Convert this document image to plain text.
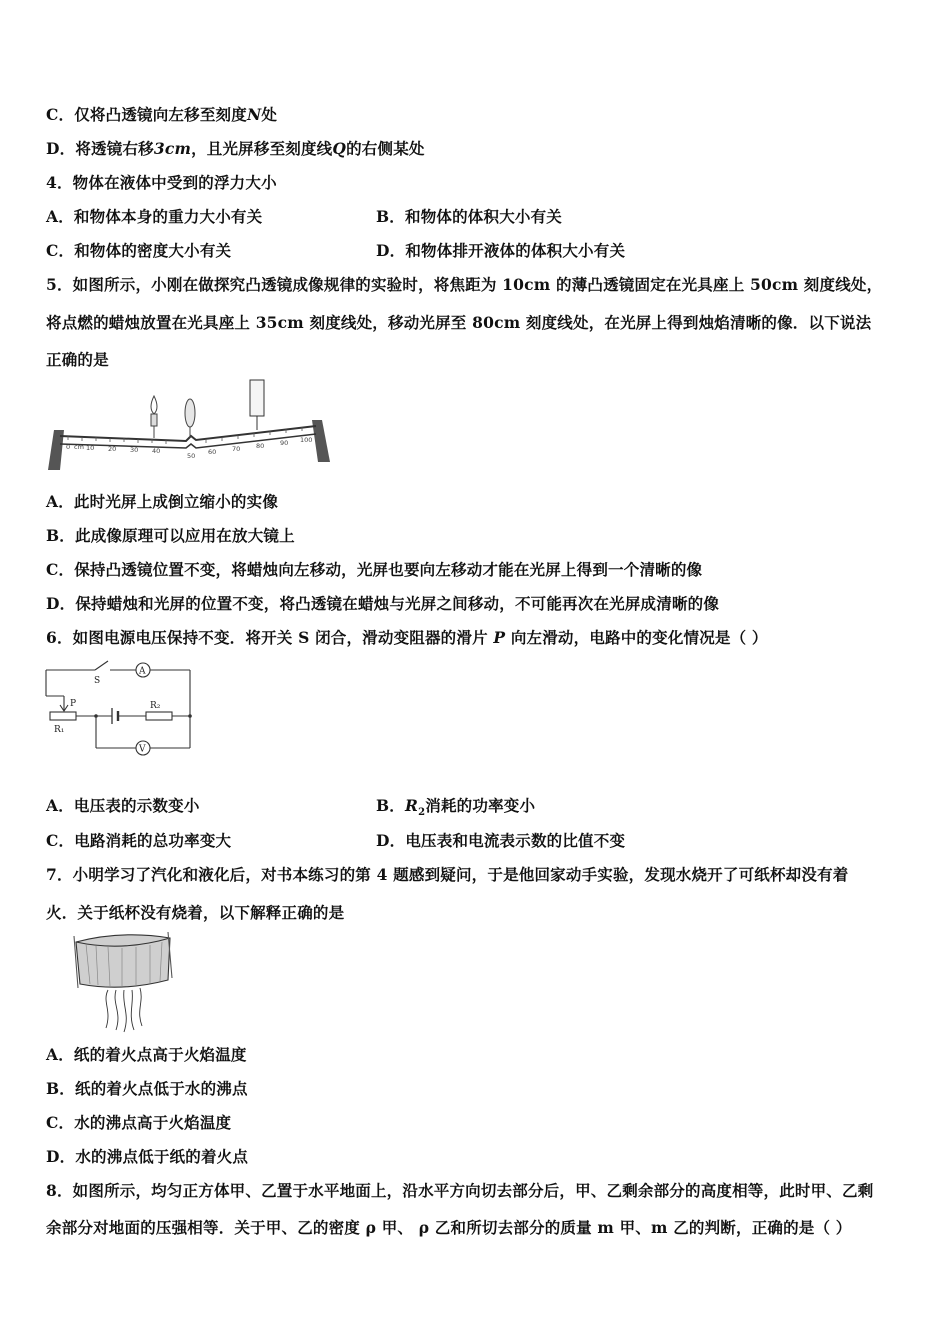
C．仅将凸透镜向左移至刻度N处
D．将透镜右移3cm，且光屏移至刻度线Q的右侧某处
4．物体在液体中受到的浮力大小
A．和物体本身的重力大小有关	B．和物体的体积大小有关
C．和物体的密度大小有关	D．和物体排开液体的体积大小有关
5．如图所示，小刚在做探究凸透镜成像规律的实验时，将焦距为 10cm 的薄凸透镜固定在光具座上 50cm 刻度线处，
将点燃的蜡烛放置在光具座上 35cm 刻度线处，移动光屏至 80cm 刻度线处，在光屏上得到烛焰清晰的像．以下说法
正确的是
0 cm 10 20 30 40
50 60 70 80 90 100
A．此时光屏上成倒立缩小的实像
B．此成像原理可以应用在放大镜上
C．保持凸透镜位置不变，将蜡烛向左移动，光屏也要向左移动才能在光屏上得到一个清晰的像
D．保持蜡烛和光屏的位置不变，将凸透镜在蜡烛与光屏之间移动，不可能再次在光屏成清晰的像
6．如图电源电压保持不变．将开关 S 闭合，滑动变阻器的滑片 P 向左滑动，电路中的变化情况是（ ）
A
V
S
P
R₁
R₂
A．电压表的示数变小	B．$R_2$消耗的功率变小
C．电路消耗的总功率变大	D．电压表和电流表示数的比值不变
7．小明学习了汽化和液化后，对书本练习的第 4 题感到疑问，于是他回家动手实验，发现水烧开了可纸杯却没有着
火．关于纸杯没有烧着，以下解释正确的是
A．纸的着火点高于火焰温度
B．纸的着火点低于水的沸点
C．水的沸点高于火焰温度
D．水的沸点低于纸的着火点
8．如图所示，均匀正方体甲、乙置于水平地面上，沿水平方向切去部分后，甲、乙剩余部分的高度相等，此时甲、乙剩
余部分对地面的压强相等．关于甲、乙的密度 ρ 甲、 ρ 乙和所切去部分的质量 m 甲、m 乙的判断，正确的是（ ）
